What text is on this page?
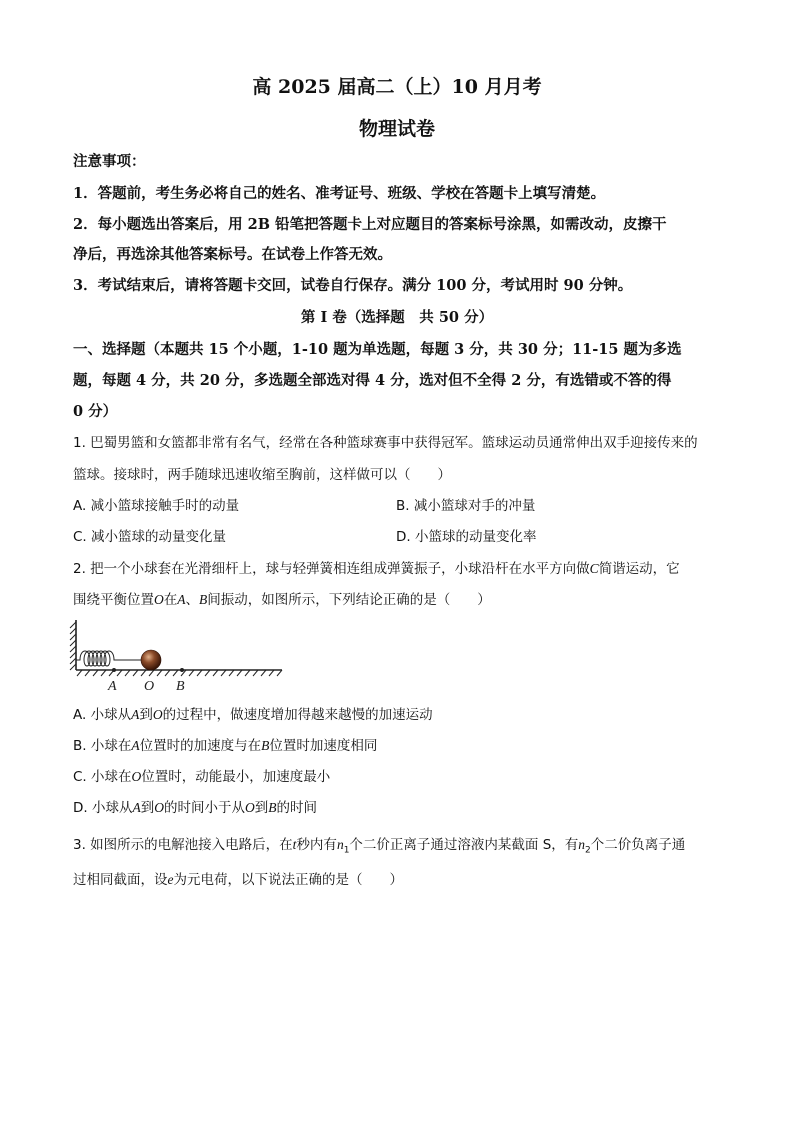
高 2025 届高二（上）10 月月考
物理试卷
注意事项：
1．答题前，考生务必将自己的姓名、准考证号、班级、学校在答题卡上填写清楚。
2．每小题选出答案后，用 2B 铅笔把答题卡上对应题目的答案标号涂黑，如需改动，皮擦干
净后，再选涂其他答案标号。在试卷上作答无效。
3．考试结束后，请将答题卡交回，试卷自行保存。满分 100 分，考试用时 90 分钟。
第 I 卷（选择题　共 50 分）
一、选择题（本题共 15 个小题，1-10 题为单选题，每题 3 分，共 30 分；11-15 题为多选
题，每题 4 分，共 20 分，多选题全部选对得 4 分，选对但不全得 2 分，有选错或不答的得
0 分）
1. 巴蜀男篮和女篮都非常有名气，经常在各种篮球赛事中获得冠军。篮球运动员通常伸出双手迎接传来的
篮球。接球时，两手随球迅速收缩至胸前，这样做可以（　　）
A. 减小篮球接触手时的动量	B. 减小篮球对手的冲量
C. 减小篮球的动量变化量	D. 小篮球的动量变化率
2. 把一个小球套在光滑细杆上，球与轻弹簧相连组成弹簧振子，小球沿杆在水平方向做C简谐运动，它
围绕平衡位置O在A、B间振动，如图所示，下列结论正确的是（　　）
A O B
A. 小球从A到O的过程中，做速度增加得越来越慢的加速运动
B. 小球在A位置时的加速度与在B位置时加速度相同
C. 小球在O位置时，动能最小，加速度最小
D. 小球从A到O的时间小于从O到B的时间
3. 如图所示的电解池接入电路后，在t秒内有$n_1$个二价正离子通过溶液内某截面 S，有$n_2$个二价负离子通
过相同截面，设e为元电荷，以下说法正确的是（　　）
